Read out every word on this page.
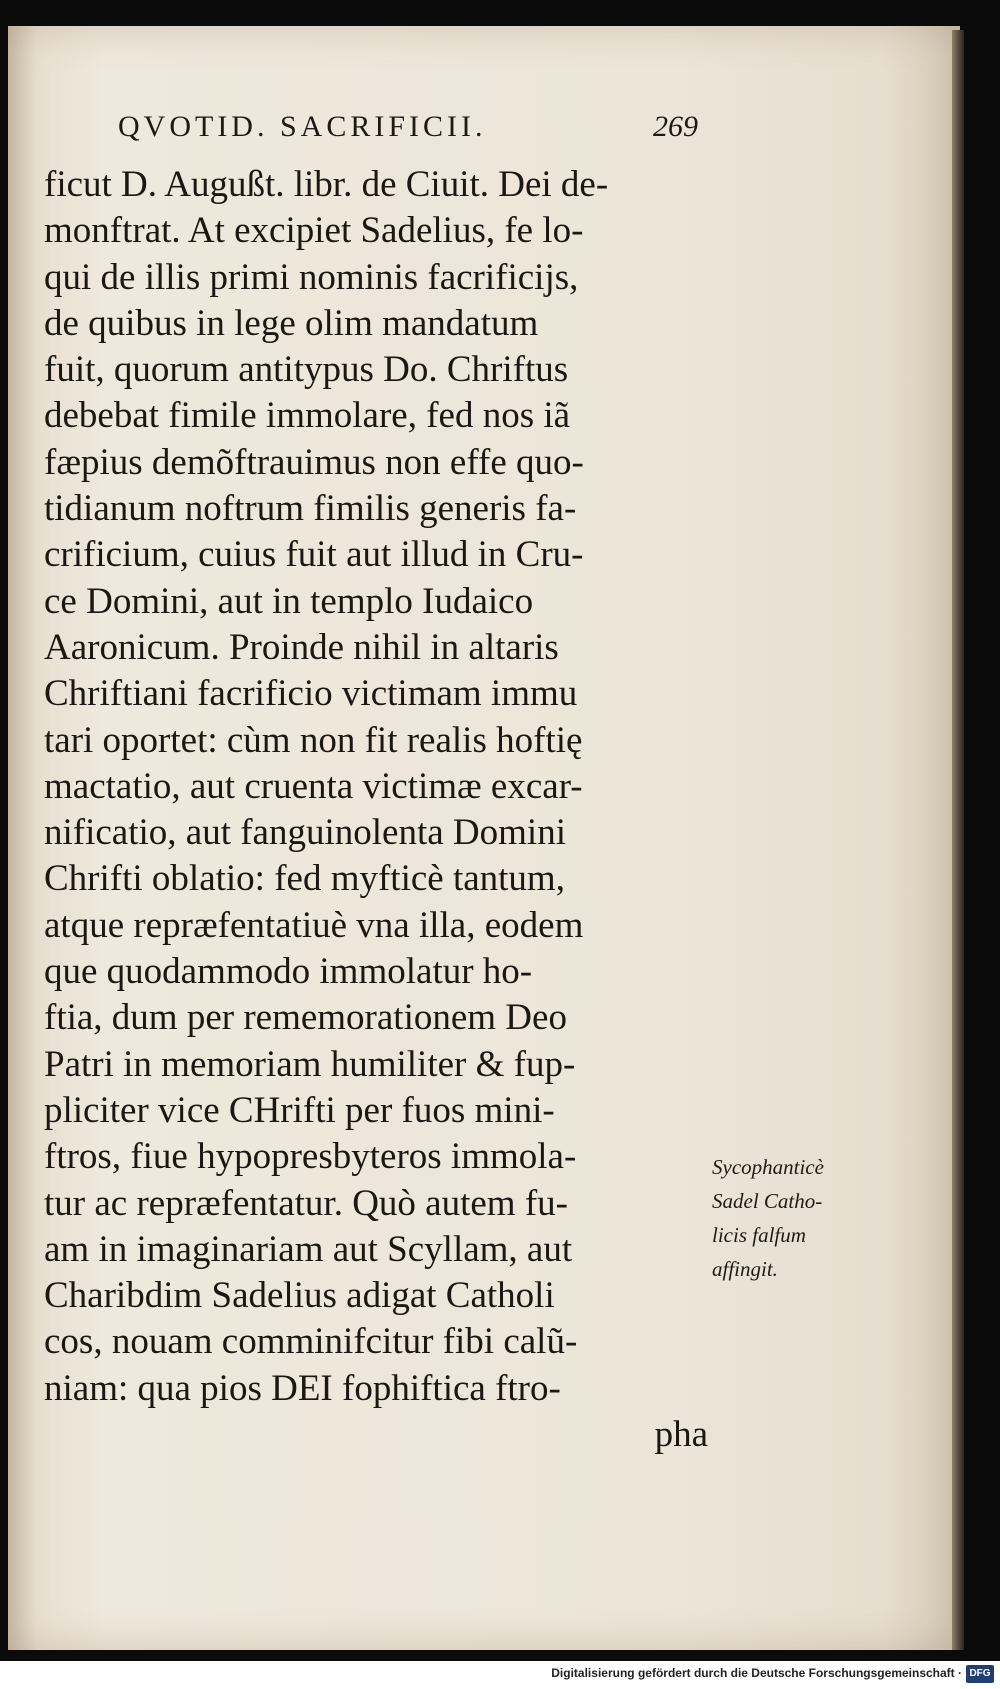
QVOTID. SACRIFICII.	269
ficut D. Augußt. libr. de Ciuit. Dei de-
monftrat. At excipiet Sadelius, fe lo-
qui de illis primi nominis facrificijs,
de quibus in lege olim mandatum
fuit, quorum antitypus Do. Chriftus
debebat fimile immolare, fed nos iã
fæpius demõftrauimus non effe quo-
tidianum noftrum fimilis generis fa-
crificium, cuius fuit aut illud in Cru-
ce Domini, aut in templo Iudaico
Aaronicum. Proinde nihil in altaris
Chriftiani facrificio victimam immu
tari oportet: cùm non fit realis hoftię
mactatio, aut cruenta victimæ excar-
nificatio, aut fanguinolenta Domini
Chrifti oblatio: fed myfticè tantum,
atque repræfentatiuè vna illa, eodem
que quodammodo immolatur ho-
ftia, dum per rememorationem Deo
Patri in memoriam humiliter & fup-
pliciter vice CHrifti per fuos mini-
ftros, fiue hypopresbyteros immola-
tur ac repræfentatur. Quò autem fu-
am in imaginariam aut Scyllam, aut
Charibdim Sadelius adigat Catholi
cos, nouam comminifcitur fibi calũ-
niam: qua pios DEI fophiftica ftro-
pha
Sycophanticè
Sadel Catho-
licis falfum
affingit.
Digitalisierung gefördert durch die Deutsche Forschungsgemeinschaft · DFG
